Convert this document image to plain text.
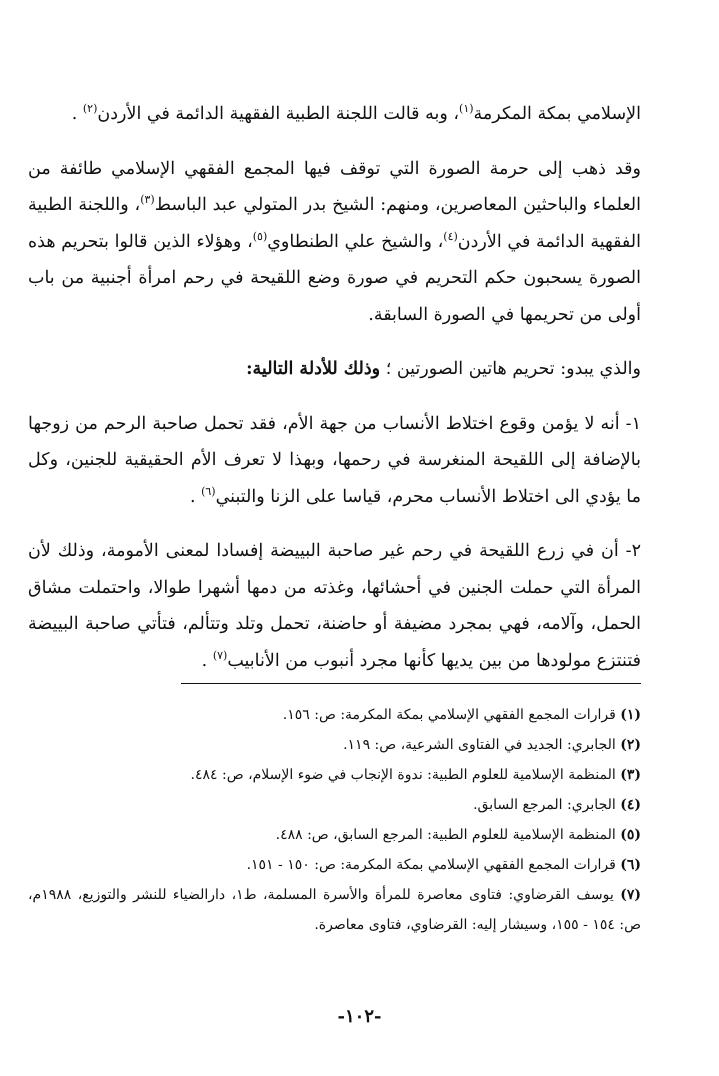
الإسلامي بمكة المكرمة$^{(١)}$، وبه قالت اللجنة الطبية الفقهية الدائمة في الأردن$^{(٢)}$ .

وقد ذهب إلى حرمة الصورة التي توقف فيها المجمع الفقهي الإسلامي طائفة من العلماء والباحثين المعاصرين، ومنهم: الشيخ بدر المتولي عبد الباسط$^{(٣)}$، واللجنة الطبية الفقهية الدائمة في الأردن$^{(٤)}$، والشيخ علي الطنطاوي$^{(٥)}$، وهؤلاء الذين قالوا بتحريم هذه الصورة يسحبون حكم التحريم في صورة وضع اللقيحة في رحم امرأة أجنبية من باب أولى من تحريمها في الصورة السابقة.

والذي يبدو: تحريم هاتين الصورتين ؛ وذلك للأدلة التالية:

١- أنه لا يؤمن وقوع اختلاط الأنساب من جهة الأم، فقد تحمل صاحبة الرحم من زوجها بالإضافة إلى اللقيحة المنغرسة في رحمها، وبهذا لا تعرف الأم الحقيقية للجنين، وكل ما يؤدي الى اختلاط الأنساب محرم، قياسا على الزنا والتبني$^{(٦)}$ .

٢- أن في زرع اللقيحة في رحم غير صاحبة البييضة إفسادا لمعنى الأمومة، وذلك لأن المرأة التي حملت الجنين في أحشائها، وغذته من دمها أشهرا طوالا، واحتملت مشاق الحمل، وآلامه، فهي بمجرد مضيفة أو حاضنة، تحمل وتلد وتتألم، فتأتي صاحبة البييضة فتنتزع مولودها من بين يديها كأنها مجرد أنبوب من الأنابيب$^{(٧)}$ .

(١) قرارات المجمع الفقهي الإسلامي بمكة المكرمة: ص: ١٥٦.

(٢) الجابري: الجديد في الفتاوى الشرعية، ص: ١١٩.

(٣) المنظمة الإسلامية للعلوم الطبية: ندوة الإنجاب في ضوء الإسلام، ص: ٤٨٤.

(٤) الجابري: المرجع السابق.

(٥) المنظمة الإسلامية للعلوم الطبية: المرجع السابق، ص: ٤٨٨.

(٦) قرارات المجمع الفقهي الإسلامي بمكة المكرمة: ص: ١٥٠ - ١٥١.

(٧) يوسف القرضاوي: فتاوى معاصرة للمرأة والأسرة المسلمة، ط١، دارالضياء للنشر والتوزيع، ١٩٨٨م، ص: ١٥٤ - ١٥٥، وسيشار إليه: القرضاوي، فتاوى معاصرة.

-١٠٢-
